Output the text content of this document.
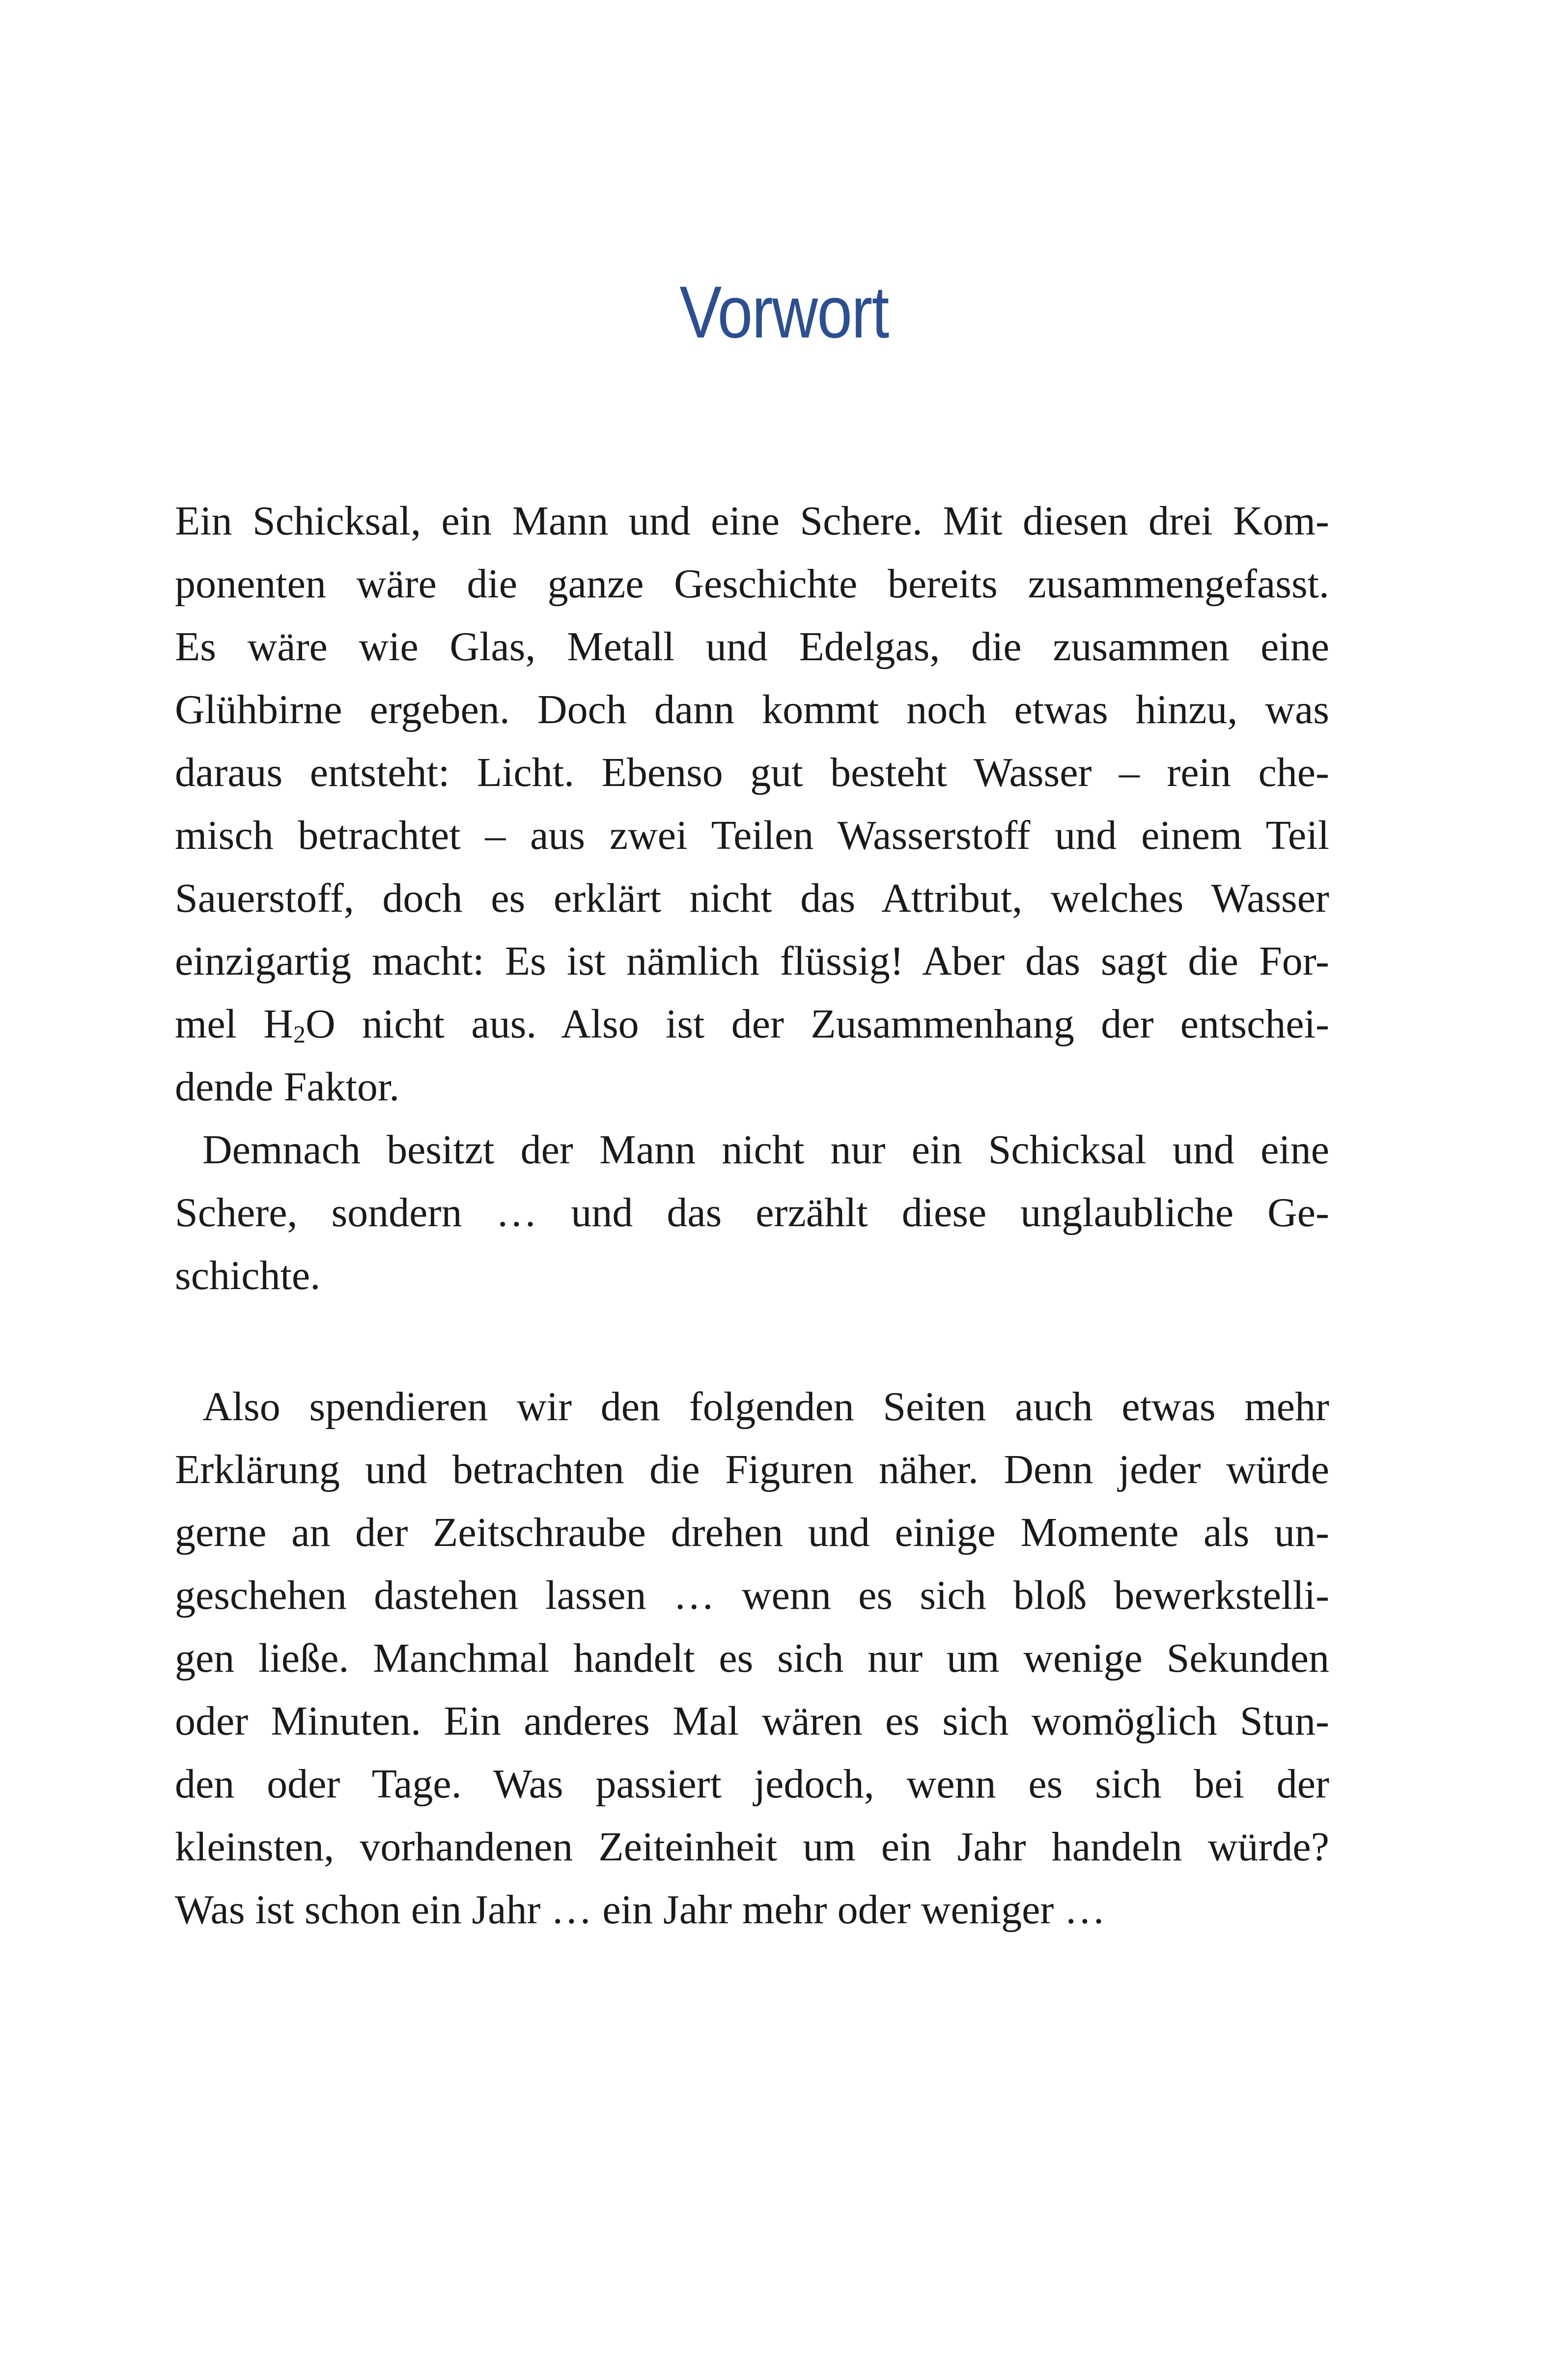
Vorwort
Ein Schicksal, ein Mann und eine Schere. Mit diesen drei Kom-
ponenten wäre die ganze Geschichte bereits zusammengefasst.
Es wäre wie Glas, Metall und Edelgas, die zusammen eine
Glühbirne ergeben. Doch dann kommt noch etwas hinzu, was
daraus entsteht: Licht. Ebenso gut besteht Wasser – rein che-
misch betrachtet – aus zwei Teilen Wasserstoff und einem Teil
Sauerstoff, doch es erklärt nicht das Attribut, welches Wasser
einzigartig macht: Es ist nämlich flüssig! Aber das sagt die For-
mel $H_2O$ nicht aus. Also ist der Zusammenhang der entschei-
dende Faktor.
Demnach besitzt der Mann nicht nur ein Schicksal und eine
Schere, sondern … und das erzählt diese unglaubliche Ge-
schichte.
Also spendieren wir den folgenden Seiten auch etwas mehr
Erklärung und betrachten die Figuren näher. Denn jeder würde
gerne an der Zeitschraube drehen und einige Momente als un-
geschehen dastehen lassen … wenn es sich bloß bewerkstelli-
gen ließe. Manchmal handelt es sich nur um wenige Sekunden
oder Minuten. Ein anderes Mal wären es sich womöglich Stun-
den oder Tage. Was passiert jedoch, wenn es sich bei der
kleinsten, vorhandenen Zeiteinheit um ein Jahr handeln würde?
Was ist schon ein Jahr … ein Jahr mehr oder weniger …
